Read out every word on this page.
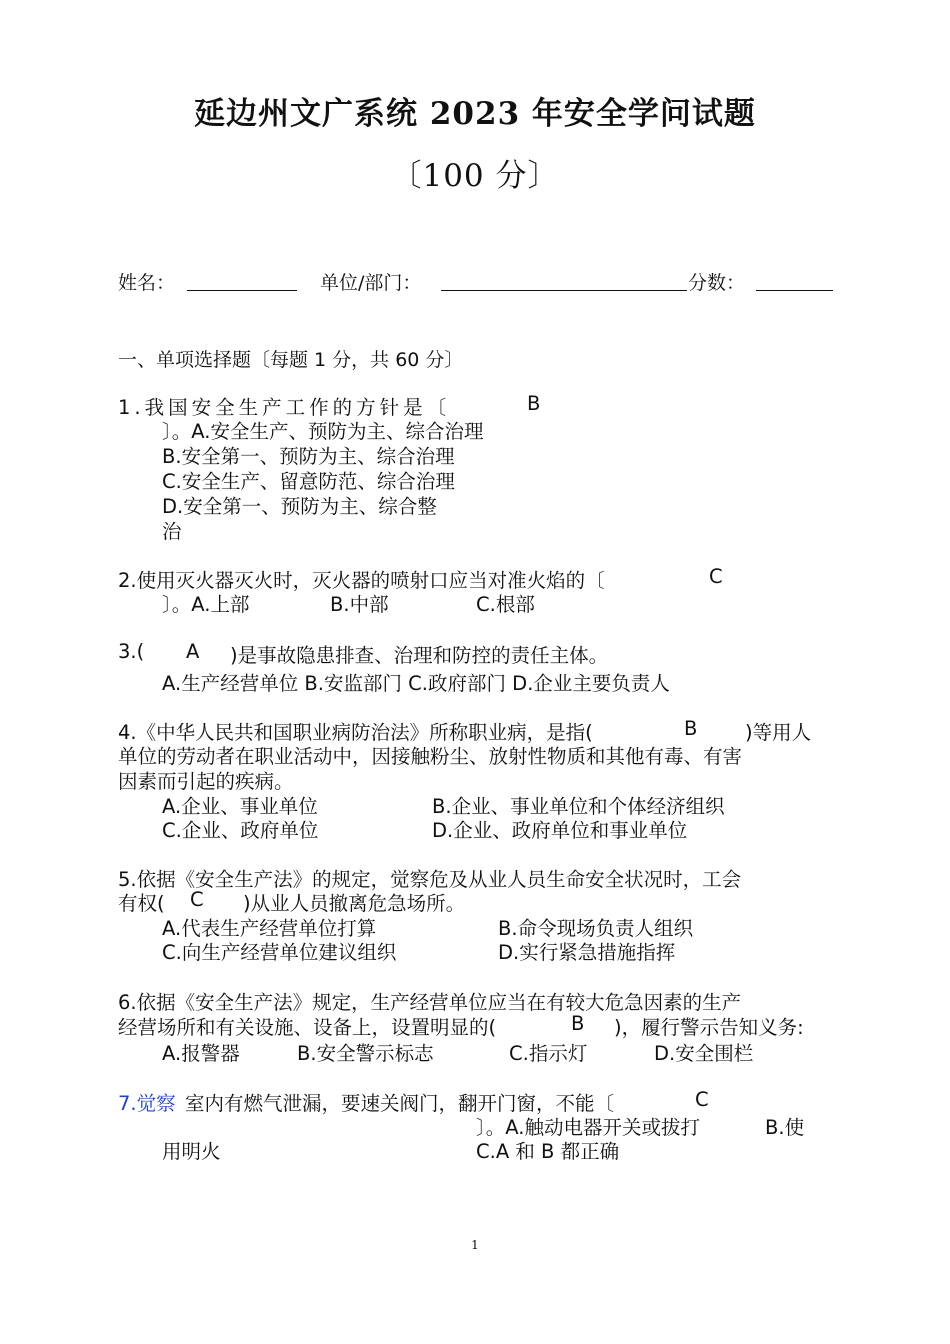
延边州文广系统 2023 年安全学问试题
〔100 分〕
姓名：	单位/部门：	分数：
一、单项选择题〔每题 1 分，共 60 分〕
1.我国安全生产工作的方针是〔	B
〕。A.安全生产、预防为主、综合治理
B.安全第一、预防为主、综合治理
C.安全生产、留意防范、综合治理
D.安全第一、预防为主、综合整
治
2.使用灭火器灭火时，灭火器的喷射口应当对准火焰的〔	C
〕。A.上部	B.中部	C.根部
3.( A )是事故隐患排查、治理和防控的责任主体。
A.生产经营单位 B.安监部门 C.政府部门 D.企业主要负责人
4.《中华人民共和国职业病防治法》所称职业病，是指(	B )等用人
单位的劳动者在职业活动中，因接触粉尘、放射性物质和其他有毒、有害
因素而引起的疾病。
A.企业、事业单位	B.企业、事业单位和个体经济组织
C.企业、政府单位	D.企业、政府单位和事业单位
5.依据《安全生产法》的规定，觉察危及从业人员生命安全状况时，工会
有权( C )从业人员撤离危急场所。
A.代表生产经营单位打算	B.命令现场负责人组织
C.向生产经营单位建议组织	D.实行紧急措施指挥
6.依据《安全生产法》规定，生产经营单位应当在有较大危急因素的生产
经营场所和有关设施、设备上，设置明显的(	B )，履行警示告知义务:
A.报警器	B.安全警示标志	C.指示灯	D.安全围栏
7.觉察 室内有燃气泄漏，要速关阀门，翻开门窗，不能〔	C
〕。A.触动电器开关或拔打	B.使
用明火	C.A 和 B 都正确
1
